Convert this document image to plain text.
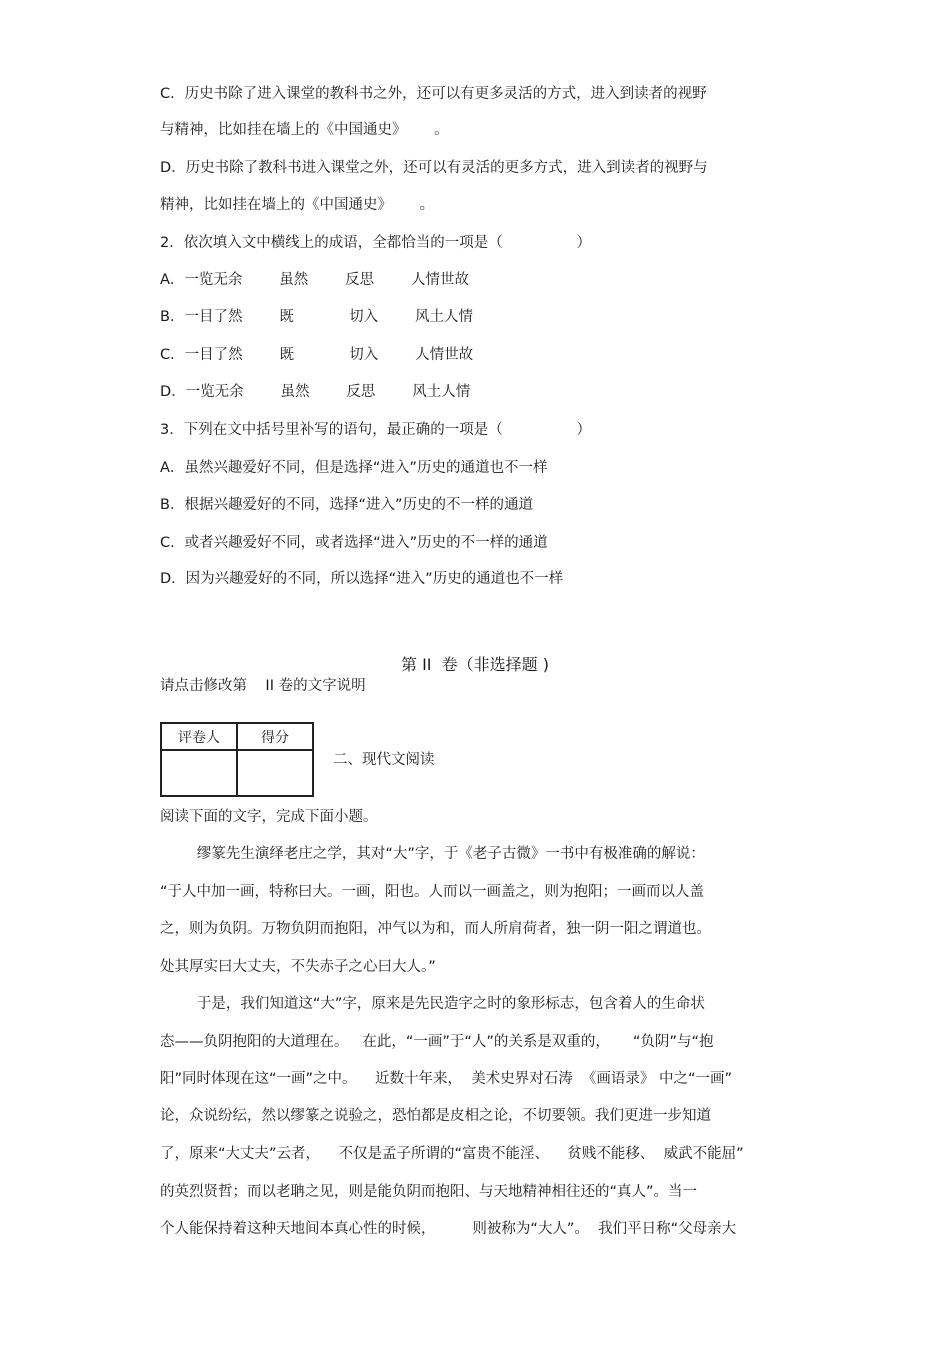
C．历史书除了进入课堂的教科书之外，还可以有更多灵活的方式，进入到读者的视野
与精神，比如挂在墙上的《中国通史》      。
D．历史书除了教科书进入课堂之外，还可以有灵活的更多方式，进入到读者的视野与
精神，比如挂在墙上的《中国通史》      。
2．依次填入文中横线上的成语，全都恰当的一项是（                ）
A．一览无余        虽然        反思        人情世故
B．一目了然        既            切入        风土人情
C．一目了然        既            切入        人情世故
D．一览无余        虽然        反思        风土人情
3．下列在文中括号里补写的语句，最正确的一项是（                ）
A．虽然兴趣爱好不同，但是选择“进入”历史的通道也不一样
B．根据兴趣爱好的不同，选择“进入”历史的不一样的通道
C．或者兴趣爱好不同，或者选择“进入”历史的不一样的通道
D．因为兴趣爱好的不同，所以选择“进入”历史的通道也不一样
第 II  卷（非选择题 )
请点击修改第    II 卷的文字说明
评卷人	得分

二、现代文阅读
阅读下面的文字，完成下面小题。
缪篆先生演绎老庄之学，其对“大”字，于《老子古微》一书中有极准确的解说：
“于人中加一画，特称曰大。一画，阳也。人而以一画盖之，则为抱阳；一画而以人盖
之，则为负阴。万物负阴而抱阳，冲气以为和，而人所肩荷者，独一阴一阳之谓道也。
处其厚实曰大丈夫，不失赤子之心曰大人。”
于是，我们知道这“大”字，原来是先民造字之时的象形标志，包含着人的生命状
态——负阴抱阳的大道理在。   在此，“一画”于“人”的关系是双重的，     “负阴”与“抱
阳”同时体现在这“一画”之中。    近数十年来，  美术史界对石涛  《画语录》 中之“一画”
论，众说纷纭，然以缪篆之说验之，恐怕都是皮相之论，不切要领。我们更进一步知道
了，原来“大丈夫”云者，    不仅是孟子所谓的“富贵不能淫、    贫贱不能移、  威武不能屈”
的英烈贤哲；而以老聃之见，则是能负阴而抱阳、与天地精神相往还的“真人”。当一
个人能保持着这种天地间本真心性的时候，        则被称为“大人”。  我们平日称“父母亲大
